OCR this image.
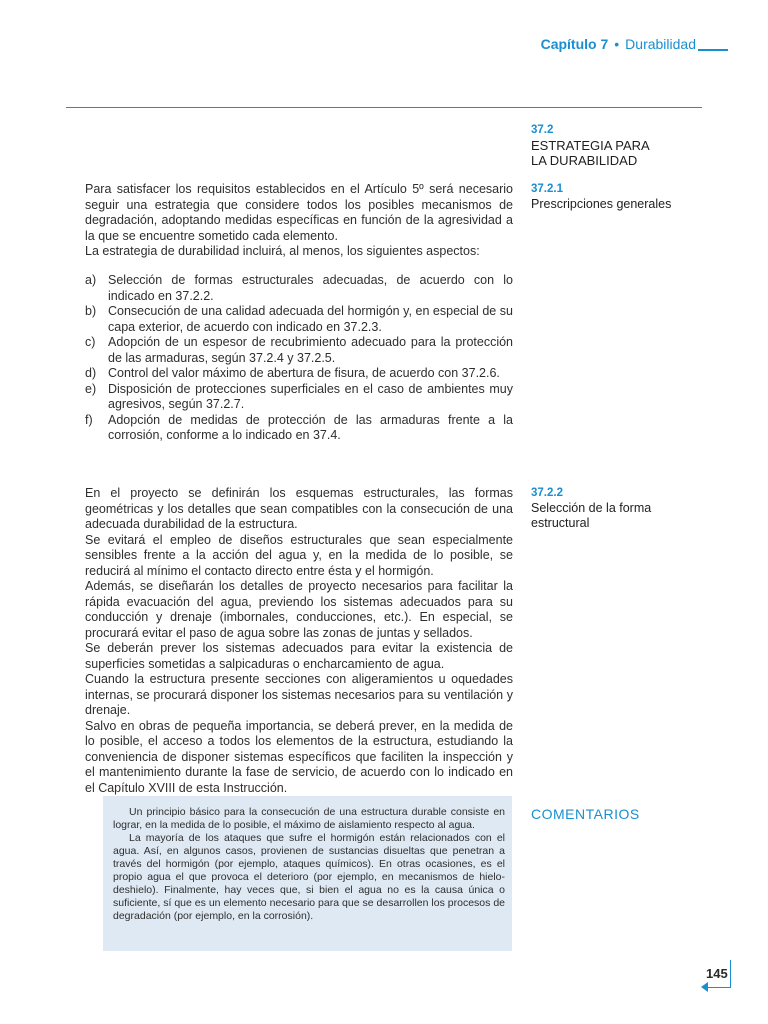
Capítulo 7 • Durabilidad
37.2
ESTRATEGIA PARA
LA DURABILIDAD
37.2.1
Prescripciones generales

Para satisfacer los requisitos establecidos en el Artículo 5º será necesario seguir una estrategia que considere todos los posibles mecanismos de degradación, adoptando medidas específicas en función de la agresividad a la que se encuentre sometido cada elemento.

La estrategia de durabilidad incluirá, al menos, los siguientes aspectos:

a) Selección de formas estructurales adecuadas, de acuerdo con lo indicado en 37.2.2.
b) Consecución de una calidad adecuada del hormigón y, en especial de su capa exterior, de acuerdo con indicado en 37.2.3.
c)	Adopción de un espesor de recubrimiento adecuado para la protección de las armaduras, según 37.2.4 y 37.2.5.
d) Control del valor máximo de abertura de fisura, de acuerdo con 37.2.6.
e) Disposición de protecciones superficiales en el caso de ambientes muy agresivos, según 37.2.7.
f)	Adopción de medidas de protección de las armaduras frente a la corrosión, conforme a lo indicado en 37.4.
37.2.2
Selección de la forma
estructural

En el proyecto se definirán los esquemas estructurales, las formas geométricas y los detalles que sean compatibles con la consecución de una adecuada durabilidad de la estructura.

Se evitará el empleo de diseños estructurales que sean especialmente sensibles frente a la acción del agua y, en la medida de lo posible, se reducirá al mínimo el contacto directo entre ésta y el hormigón.

Además, se diseñarán los detalles de proyecto necesarios para facilitar la rápida evacuación del agua, previendo los sistemas adecuados para su conducción y drenaje (imbornales, conducciones, etc.). En especial, se procurará evitar el paso de agua sobre las zonas de juntas y sellados.

Se deberán prever los sistemas adecuados para evitar la existencia de superficies sometidas a salpicaduras o encharcamiento de agua.

Cuando la estructura presente secciones con aligeramientos u oquedades internas, se procurará disponer los sistemas necesarios para su ventilación y drenaje.

Salvo en obras de pequeña importancia, se deberá prever, en la medida de lo posible, el acceso a todos los elementos de la estructura, estudiando la conveniencia de disponer sistemas específicos que faciliten la inspección y el mantenimiento durante la fase de servicio, de acuerdo con lo indicado en el Capítulo XVIII de esta Instrucción.

Un principio básico para la consecución de una estructura durable consiste en lograr, en la medida de lo posible, el máximo de aislamiento respecto al agua.

La mayoría de los ataques que sufre el hormigón están relacionados con el agua. Así, en algunos casos, provienen de sustancias disueltas que penetran a través del hormigón (por ejemplo, ataques químicos). En otras ocasiones, es el propio agua el que provoca el deterioro (por ejemplo, en mecanismos de hielo-deshielo). Finalmente, hay veces que, si bien el agua no es la causa única o suficiente, sí que es un elemento necesario para que se desarrollen los procesos de degradación (por ejemplo, en la corrosión).

COMENTARIOS
145
